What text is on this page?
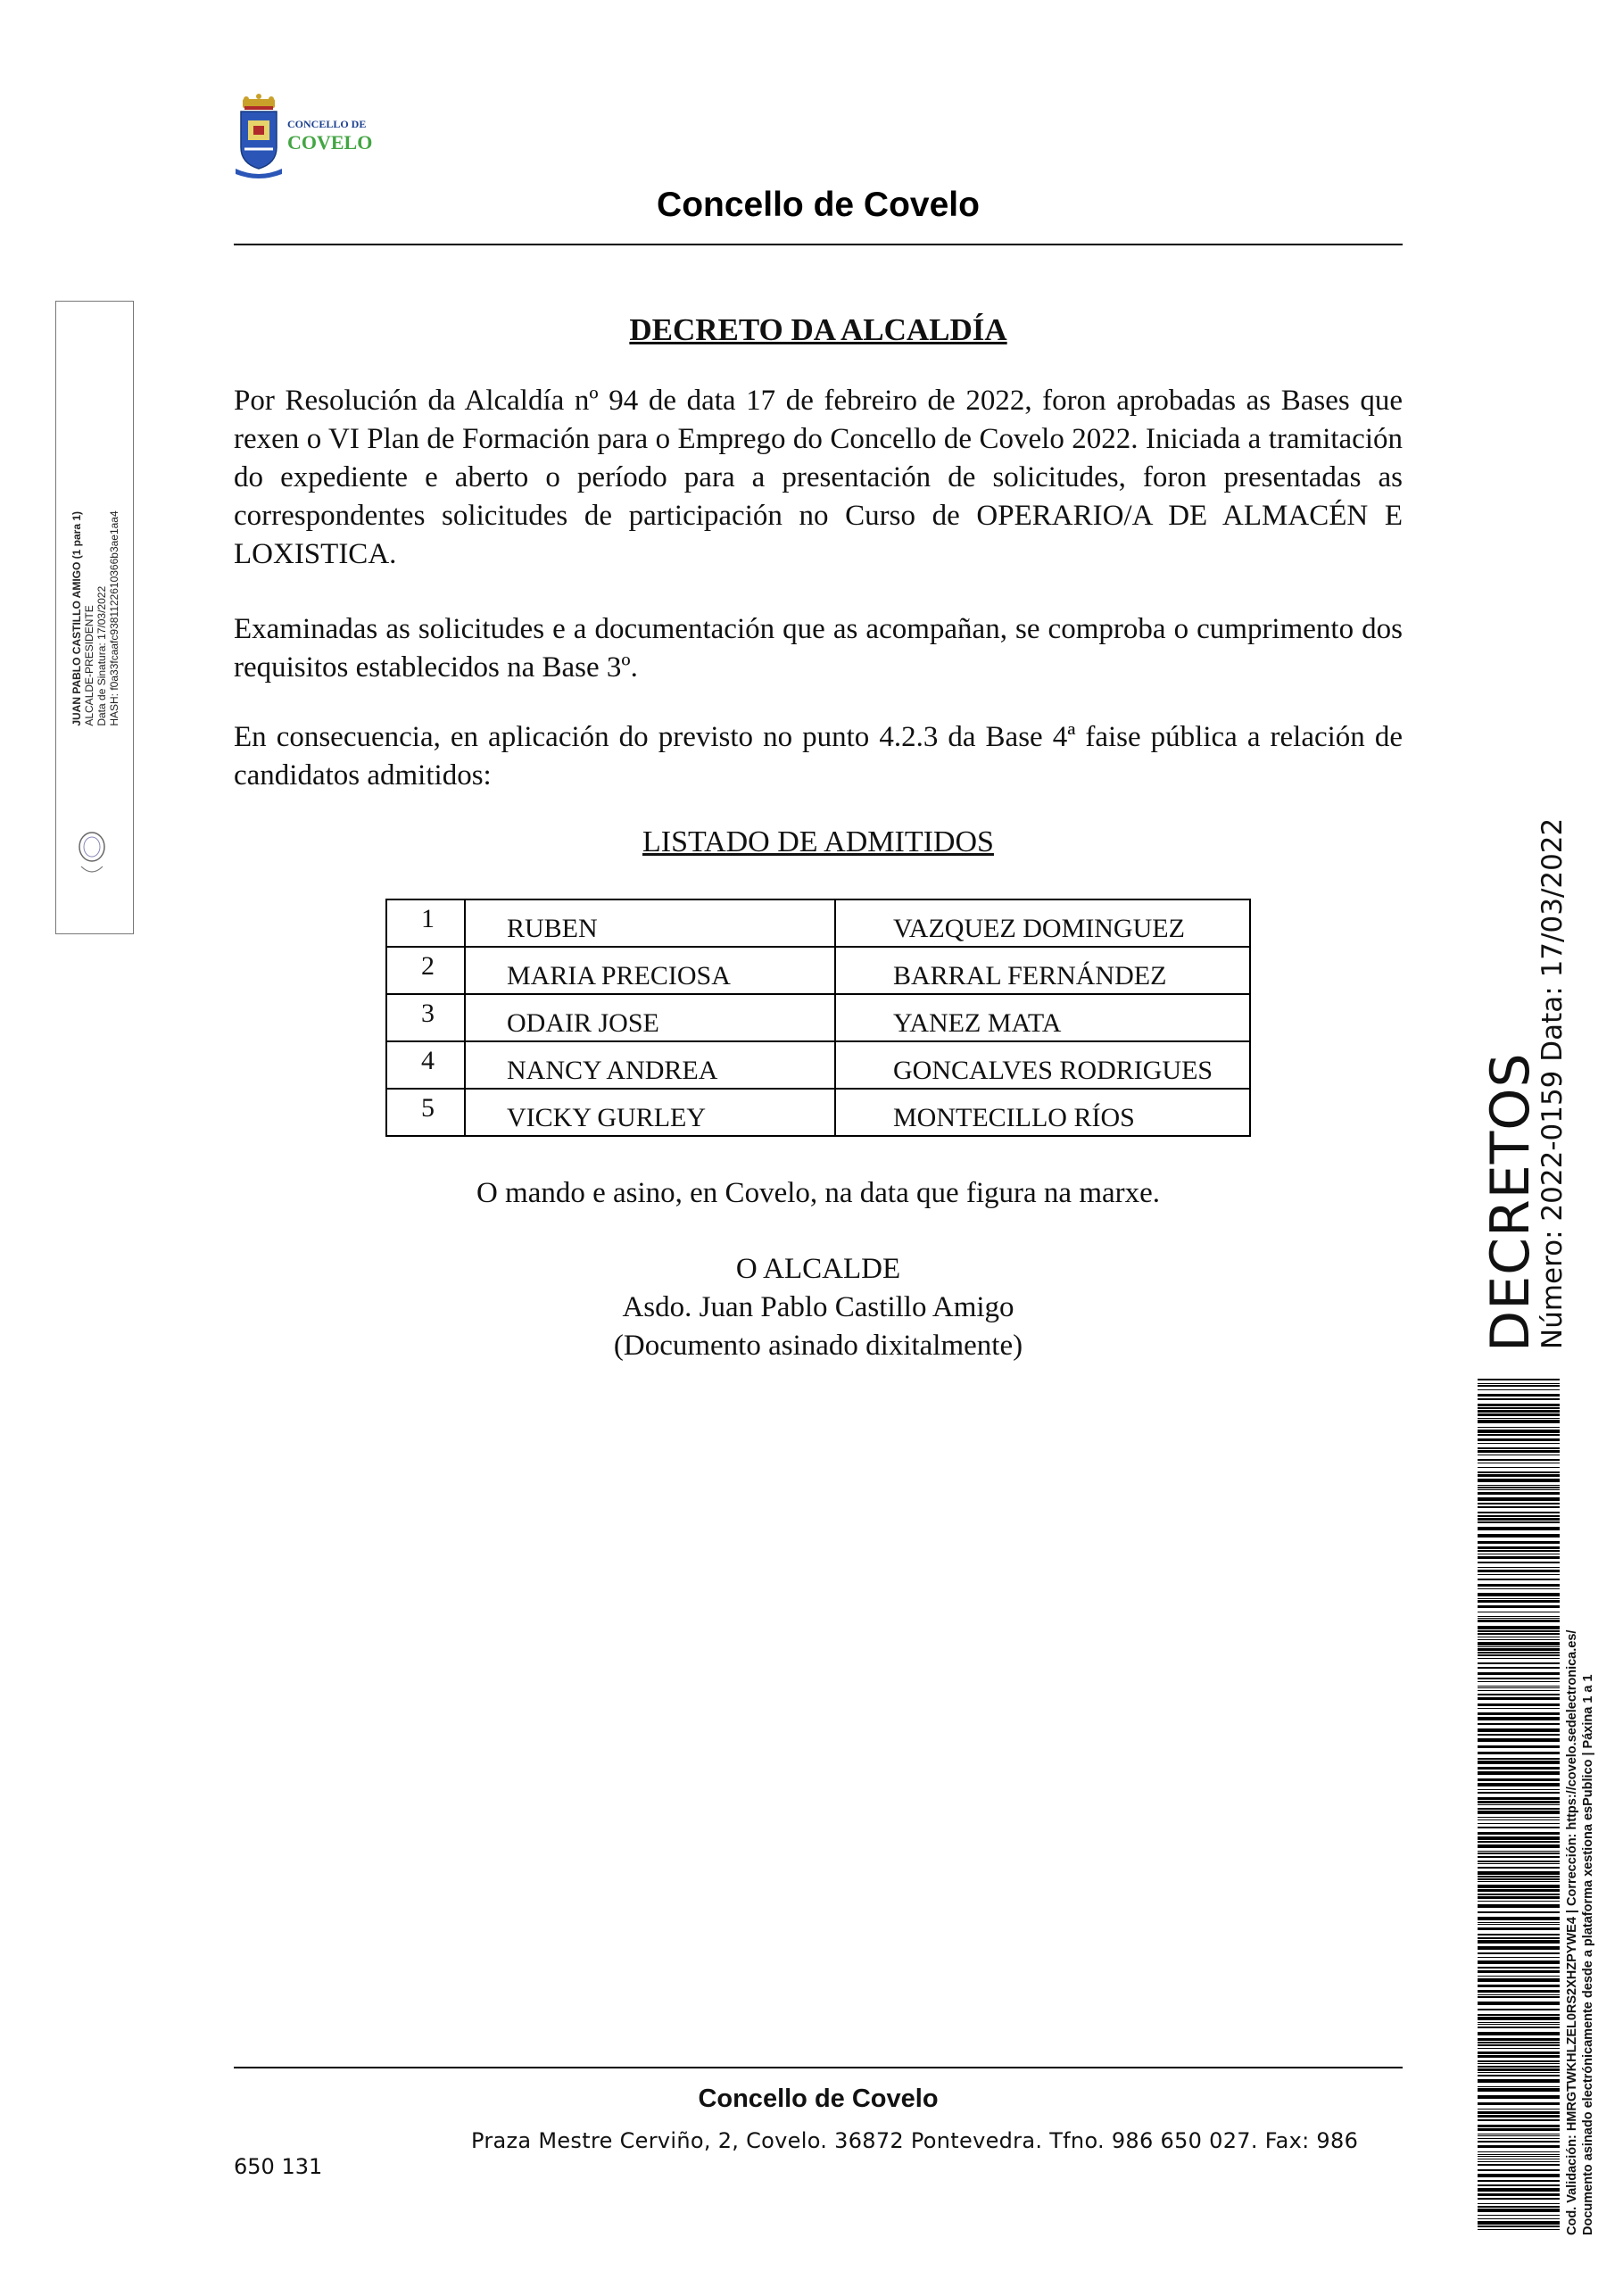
CONCELLO DE
COVELO
Concello de Covelo
JUAN PABLO CASTILLO AMIGO (1 para 1) ALCALDE-PRESIDENTE Data de Sinatura: 17/03/2022 HASH: f0a33fcaafc9381122610366b3ae1aa4
DECRETO DA ALCALDÍA
Por Resolución da Alcaldía nº 94 de data 17 de febreiro de 2022, foron aprobadas as Bases que rexen o VI Plan de Formación para o Emprego do Concello de Covelo 2022. Iniciada a tramitación do expediente e aberto o período para a presentación de solicitudes, foron presentadas as correspondentes solicitudes de participación no Curso de OPERARIO/A DE ALMACÉN E LOXISTICA.
Examinadas as solicitudes e a documentación que as acompañan, se comproba o cumprimento dos requisitos establecidos na Base 3º.
En consecuencia, en aplicación do previsto no punto 4.2.3 da Base 4ª faise pública a relación de candidatos admitidos:
LISTADO DE ADMITIDOS
1	RUBEN	VAZQUEZ DOMINGUEZ
2	MARIA PRECIOSA	BARRAL FERNÁNDEZ
3	ODAIR JOSE	YANEZ MATA
4	NANCY ANDREA	GONCALVES RODRIGUES
5	VICKY GURLEY	MONTECILLO RÍOS
O mando e asino, en Covelo, na data que figura na marxe.
O ALCALDE
Asdo. Juan Pablo Castillo Amigo
(Documento asinado dixitalmente)
Concello de Covelo
Praza Mestre Cerviño, 2, Covelo. 36872 Pontevedra. Tfno. 986 650 027. Fax: 986
650 131
DECRETOS
Número: 2022-0159 Data: 17/03/2022
Cod. Validación: HMRGTWKHLZEL0RS2XHZPYWE4 | Corrección: https://covelo.sedelectronica.es/ Documento asinado electrónicamente desde a plataforma xestiona esPublico | Páxina 1 a 1
